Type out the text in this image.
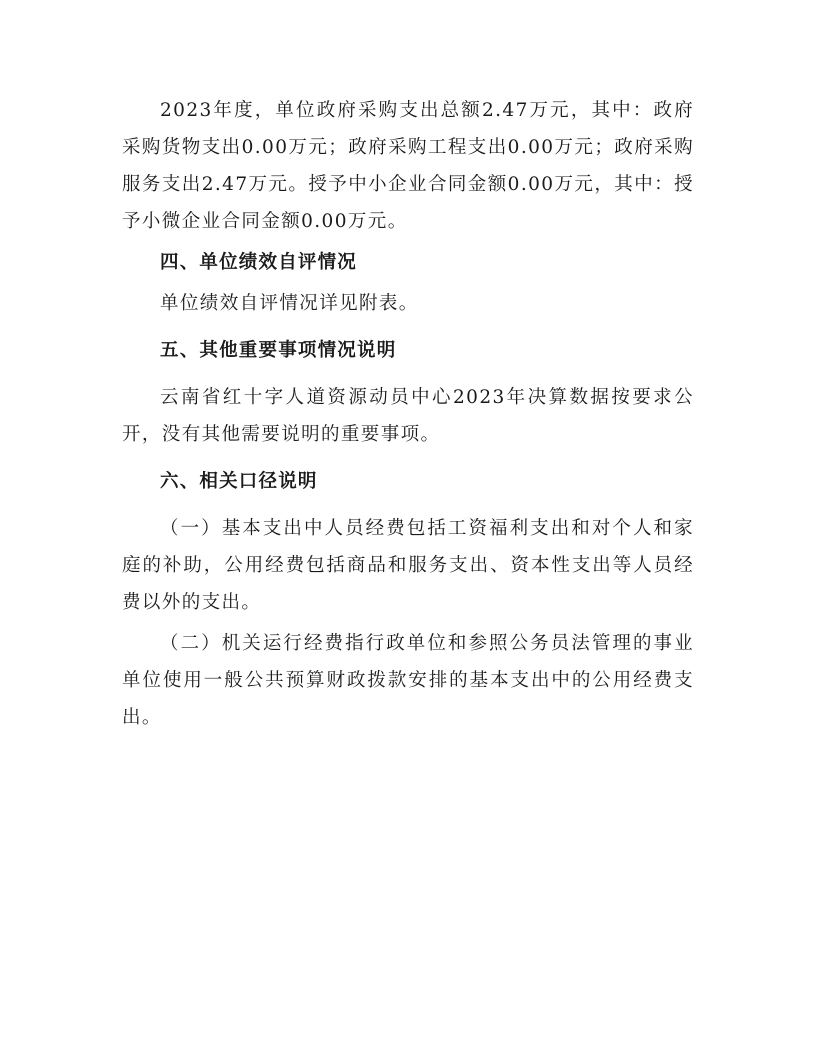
2023年度，单位政府采购支出总额2.47万元，其中：政府采购货物支出0.00万元；政府采购工程支出0.00万元；政府采购服务支出2.47万元。授予中小企业合同金额0.00万元，其中：授予小微企业合同金额0.00万元。

四、单位绩效自评情况

单位绩效自评情况详见附表。

五、其他重要事项情况说明

云南省红十字人道资源动员中心2023年决算数据按要求公开，没有其他需要说明的重要事项。

六、相关口径说明

（一）基本支出中人员经费包括工资福利支出和对个人和家庭的补助，公用经费包括商品和服务支出、资本性支出等人员经费以外的支出。

（二）机关运行经费指行政单位和参照公务员法管理的事业单位使用一般公共预算财政拨款安排的基本支出中的公用经费支出。
